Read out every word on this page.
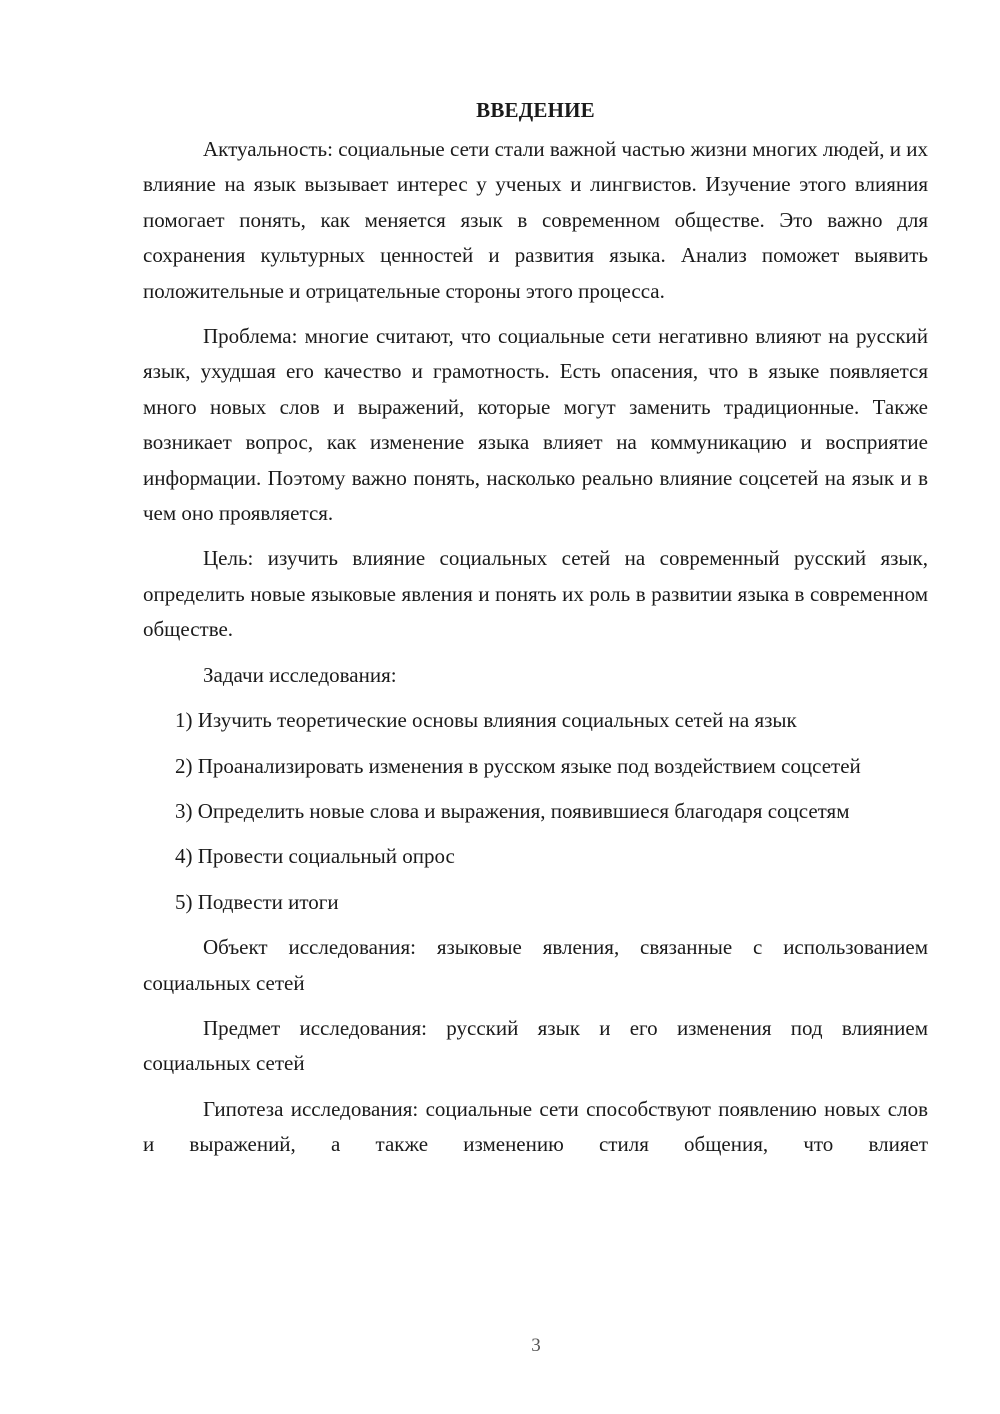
ВВЕДЕНИЕ

Актуальность: социальные сети стали важной частью жизни многих людей, и их влияние на язык вызывает интерес у ученых и лингвистов. Изучение этого влияния помогает понять, как меняется язык в современном обществе. Это важно для сохранения культурных ценностей и развития языка. Анализ поможет выявить положительные и отрицательные стороны этого процесса.

Проблема: многие считают, что социальные сети негативно влияют на русский язык, ухудшая его качество и грамотность. Есть опасения, что в языке появляется много новых слов и выражений, которые могут заменить традиционные. Также возникает вопрос, как изменение языка влияет на коммуникацию и восприятие информации. Поэтому важно понять, насколько реально влияние соцсетей на язык и в чем оно проявляется.

Цель: изучить влияние социальных сетей на современный русский язык, определить новые языковые явления и понять их роль в развитии языка в современном обществе.

Задачи исследования:

1) Изучить теоретические основы влияния социальных сетей на язык

2) Проанализировать изменения в русском языке под воздействием соцсетей

3) Определить новые слова и выражения, появившиеся благодаря соцсетям

4) Провести социальный опрос

5) Подвести итоги

Объект исследования: языковые явления, связанные с использованием социальных сетей

Предмет исследования: русский язык и его изменения под влиянием социальных сетей

Гипотеза исследования: социальные сети способствуют появлению новых слов и выражений, а также изменению стиля общения, что влияет

3
